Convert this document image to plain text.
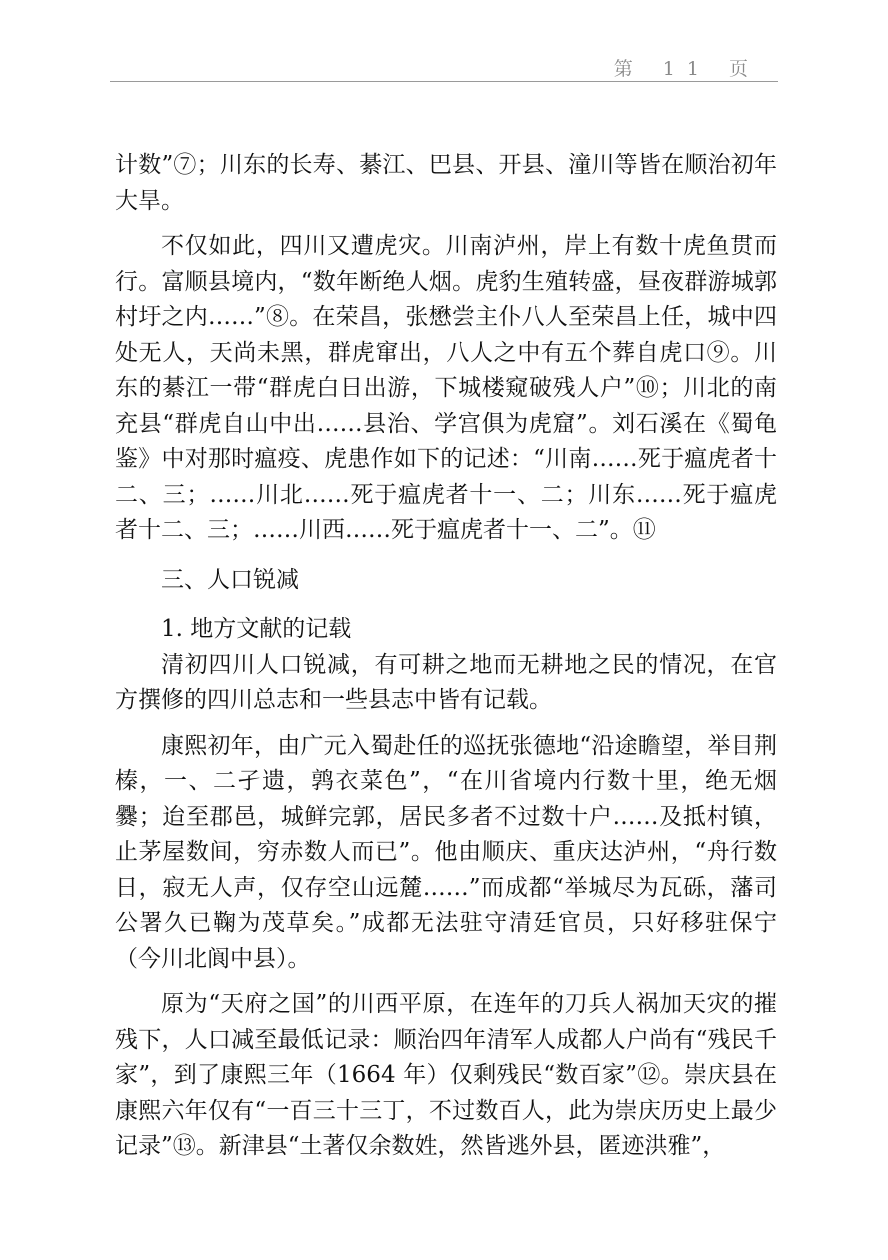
第 11 页

计数”⑦；川东的长寿、綦江、巴县、开县、潼川等皆在顺治初年大旱。

不仅如此，四川又遭虎灾。川南泸州，岸上有数十虎鱼贯而行。富顺县境内，“数年断绝人烟。虎豹生殖转盛，昼夜群游城郭村圩之内……”⑧。在荣昌，张懋尝主仆八人至荣昌上任，城中四处无人，天尚未黑，群虎窜出，八人之中有五个葬自虎口⑨。川东的綦江一带“群虎白日出游，下城楼窥破残人户”⑩；川北的南充县“群虎自山中出……县治、学宫俱为虎窟”。刘石溪在《蜀龟鉴》中对那时瘟疫、虎患作如下的记述：“川南……死于瘟虎者十二、三；……川北……死于瘟虎者十一、二；川东……死于瘟虎者十二、三；……川西……死于瘟虎者十一、二”。⑪

三、人口锐减

1. 地方文献的记载

清初四川人口锐减，有可耕之地而无耕地之民的情况，在官方撰修的四川总志和一些县志中皆有记载。

康熙初年，由广元入蜀赴任的巡抚张德地“沿途瞻望，举目荆榛，一、二孑遗，鹑衣菜色”，“在川省境内行数十里，绝无烟爨；迨至郡邑，城鲜完郭，居民多者不过数十户……及抵村镇，止茅屋数间，穷赤数人而已”。他由顺庆、重庆达泸州，“舟行数日，寂无人声，仅存空山远麓……”而成都“举城尽为瓦砾，藩司公署久已鞠为茂草矣。”成都无法驻守清廷官员，只好移驻保宁（今川北阆中县）。

原为“天府之国”的川西平原，在连年的刀兵人祸加天灾的摧残下，人口减至最低记录：顺治四年清军人成都人户尚有“残民千家”，到了康熙三年（1664 年）仅剩残民“数百家”⑫。崇庆县在康熙六年仅有“一百三十三丁，不过数百人，此为崇庆历史上最少记录”⑬。新津县“土著仅余数姓，然皆逃外县，匿迹洪雅”，
